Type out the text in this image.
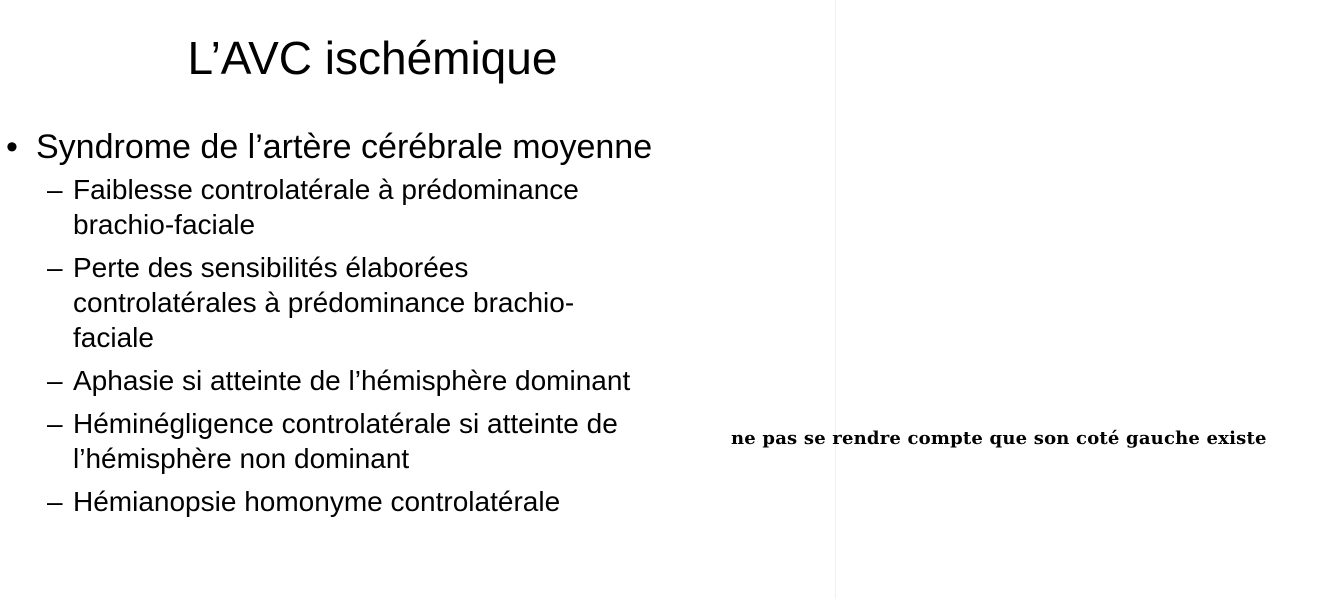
L’AVC ischémique
• Syndrome de l’artère cérébrale moyenne
– Faiblesse controlatérale à prédominance
brachio-faciale
– Perte des sensibilités élaborées
controlatérales à prédominance brachio-
faciale
– Aphasie si atteinte de l’hémisphère dominant
– Héminégligence controlatérale si atteinte de
l’hémisphère non dominant
– Hémianopsie homonyme controlatérale
ne pas se rendre compte que son coté gauche existe
